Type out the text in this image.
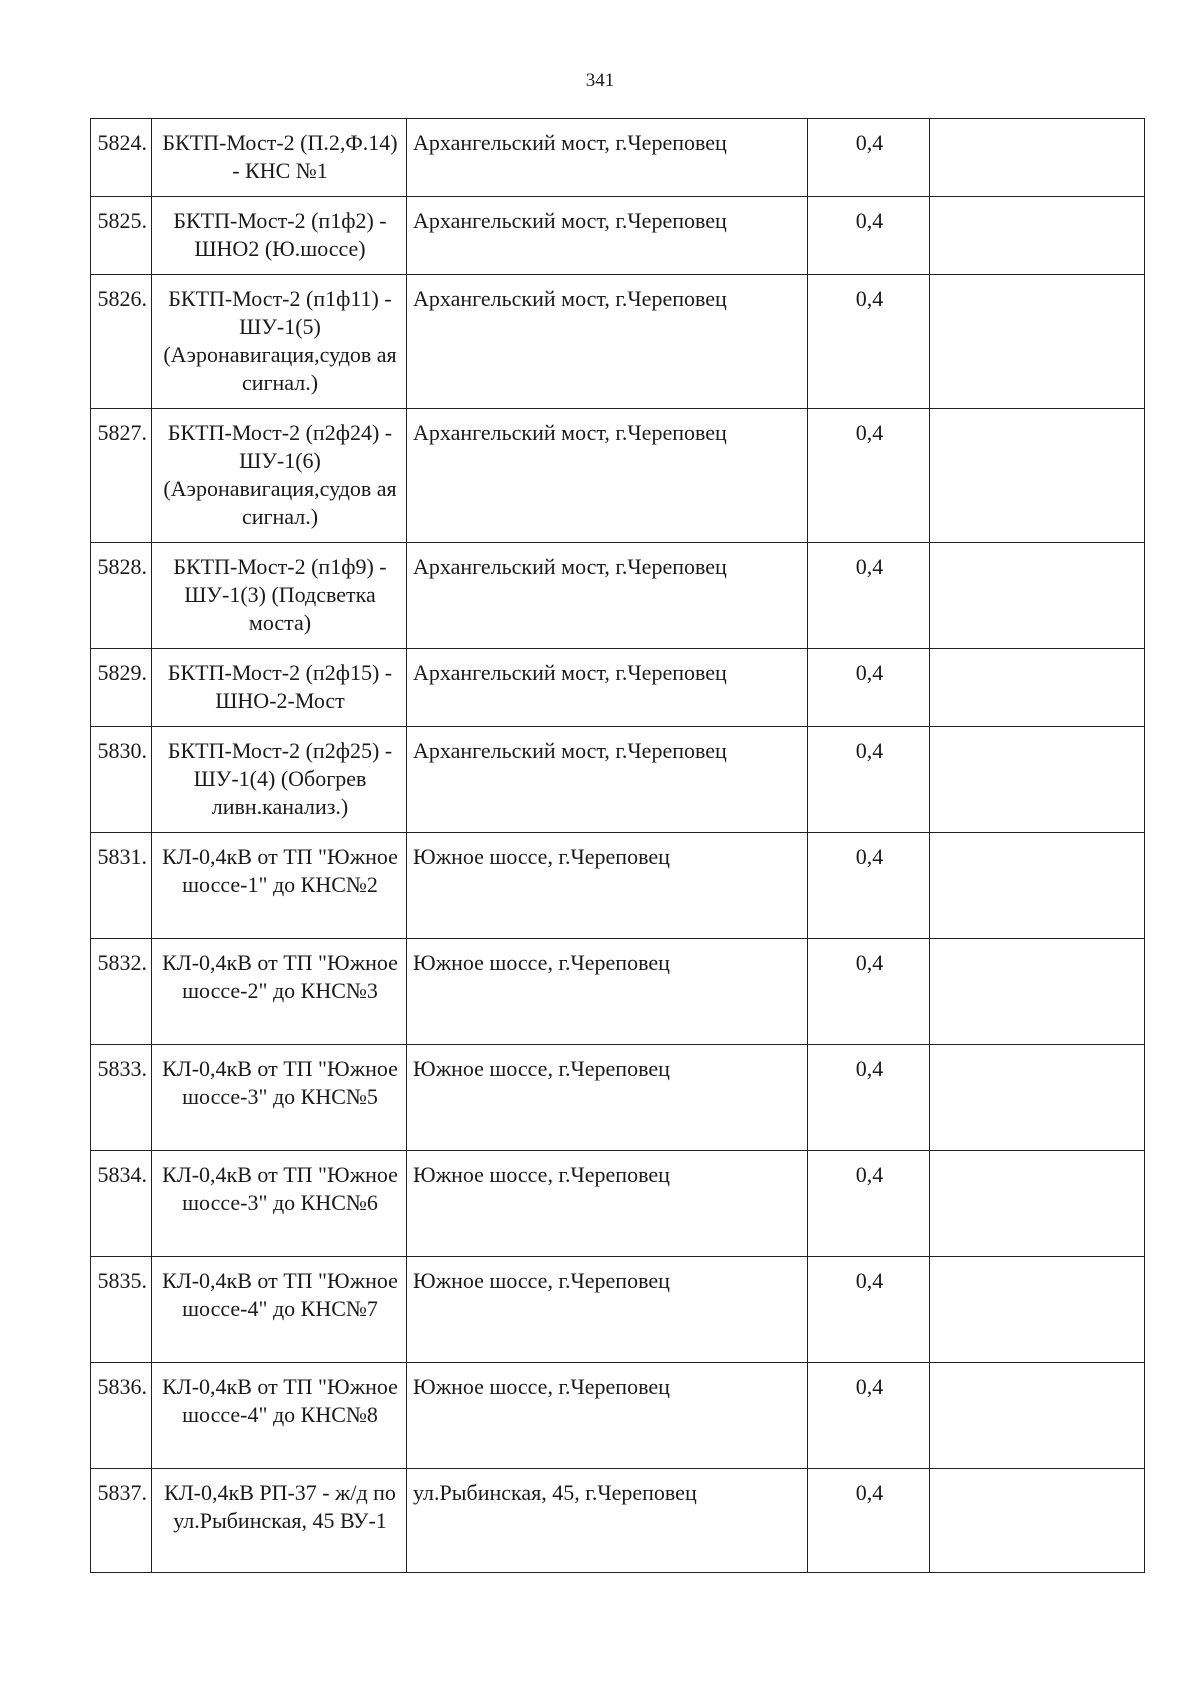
341
5824.	БКТП-Мост-2 (П.2,Ф.14) - КНС №1	Архангельский мост, г.Череповец	0,4	
5825.	БКТП-Мост-2 (п1ф2) - ШНО2 (Ю.шоссе)	Архангельский мост, г.Череповец	0,4	
5826.	БКТП-Мост-2 (п1ф11) - ШУ-1(5) (Аэронавигация,судов ая сигнал.)	Архангельский мост, г.Череповец	0,4	
5827.	БКТП-Мост-2 (п2ф24) - ШУ-1(6) (Аэронавигация,судов ая сигнал.)	Архангельский мост, г.Череповец	0,4	
5828.	БКТП-Мост-2 (п1ф9) - ШУ-1(3) (Подсветка моста)	Архангельский мост, г.Череповец	0,4	
5829.	БКТП-Мост-2 (п2ф15) - ШНО-2-Мост	Архангельский мост, г.Череповец	0,4	
5830.	БКТП-Мост-2 (п2ф25) - ШУ-1(4) (Обогрев ливн.канализ.)	Архангельский мост, г.Череповец	0,4	
5831.	КЛ-0,4кВ от ТП "Южное шоссе-1" до КНС№2	Южное шоссе, г.Череповец	0,4	
5832.	КЛ-0,4кВ от ТП "Южное шоссе-2" до КНС№3	Южное шоссе, г.Череповец	0,4	
5833.	КЛ-0,4кВ от ТП "Южное шоссе-3" до КНС№5	Южное шоссе, г.Череповец	0,4	
5834.	КЛ-0,4кВ от ТП "Южное шоссе-3" до КНС№6	Южное шоссе, г.Череповец	0,4	
5835.	КЛ-0,4кВ от ТП "Южное шоссе-4" до КНС№7	Южное шоссе, г.Череповец	0,4	
5836.	КЛ-0,4кВ от ТП "Южное шоссе-4" до КНС№8	Южное шоссе, г.Череповец	0,4	
5837.	КЛ-0,4кВ РП-37 - ж/д по ул.Рыбинская, 45 ВУ-1	ул.Рыбинская, 45, г.Череповец	0,4	
